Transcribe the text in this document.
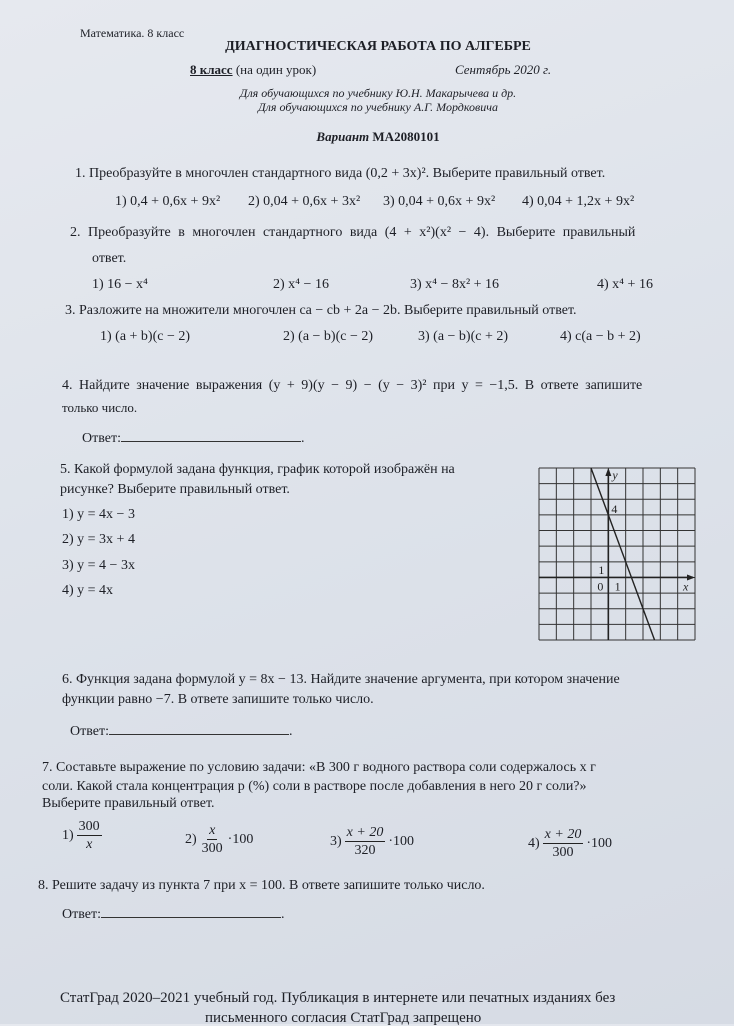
Математика. 8 класс
ДИАГНОСТИЧЕСКАЯ РАБОТА ПО АЛГЕБРЕ
8 класс (на один урок)	Сентябрь 2020 г.
Для обучающихся по учебнику Ю.Н. Макарычева и др.
Для обучающихся по учебнику А.Г. Мордковича
Вариант МА2080101
1. Преобразуйте в многочлен стандартного вида (0,2 + 3x)². Выберите правильный ответ.
1) 0,4 + 0,6x + 9x² 2) 0,04 + 0,6x + 3x² 3) 0,04 + 0,6x + 9x² 4) 0,04 + 1,2x + 9x²
2. Преобразуйте в многочлен стандартного вида (4 + x²)(x² − 4). Выберите правильный
ответ.
1) 16 − x⁴	2) x⁴ − 16	3) x⁴ − 8x² + 16	4) x⁴ + 16
3. Разложите на множители многочлен ca − cb + 2a − 2b. Выберите правильный ответ.
1) (a + b)(c − 2)	2) (a − b)(c − 2)	3) (a − b)(c + 2)	4) c(a − b + 2)
4. Найдите значение выражения (y + 9)(y − 9) − (y − 3)² при y = −1,5. В ответе запишите
только число.
Ответ:	.
5. Какой формулой задана функция, график которой изображён на
рисунке? Выберите правильный ответ.
1) y = 4x − 3
2) y = 3x + 4
3) y = 4 − 3x
4) y = 4x
y
x
4
1
0 1
6. Функция задана формулой y = 8x − 13. Найдите значение аргумента, при котором значение
функции равно −7. В ответе запишите только число.
Ответ:	.
7. Составьте выражение по условию задачи: «В 300 г водного раствора соли содержалось x г
соли. Какой стала концентрация p (%) соли в растворе после добавления в него 20 г соли?»
Выберите правильный ответ.
$1) \frac{300}{x}$	$2) \frac{x}{300} \cdot 100$	$3) \frac{x + 20}{320} \cdot 100$	$4) \frac{x + 20}{300} \cdot 100$
8. Решите задачу из пункта 7 при x = 100. В ответе запишите только число.
Ответ:	.
СтатГрад 2020–2021 учебный год. Публикация в интернете или печатных изданиях без
письменного согласия СтатГрад запрещено
